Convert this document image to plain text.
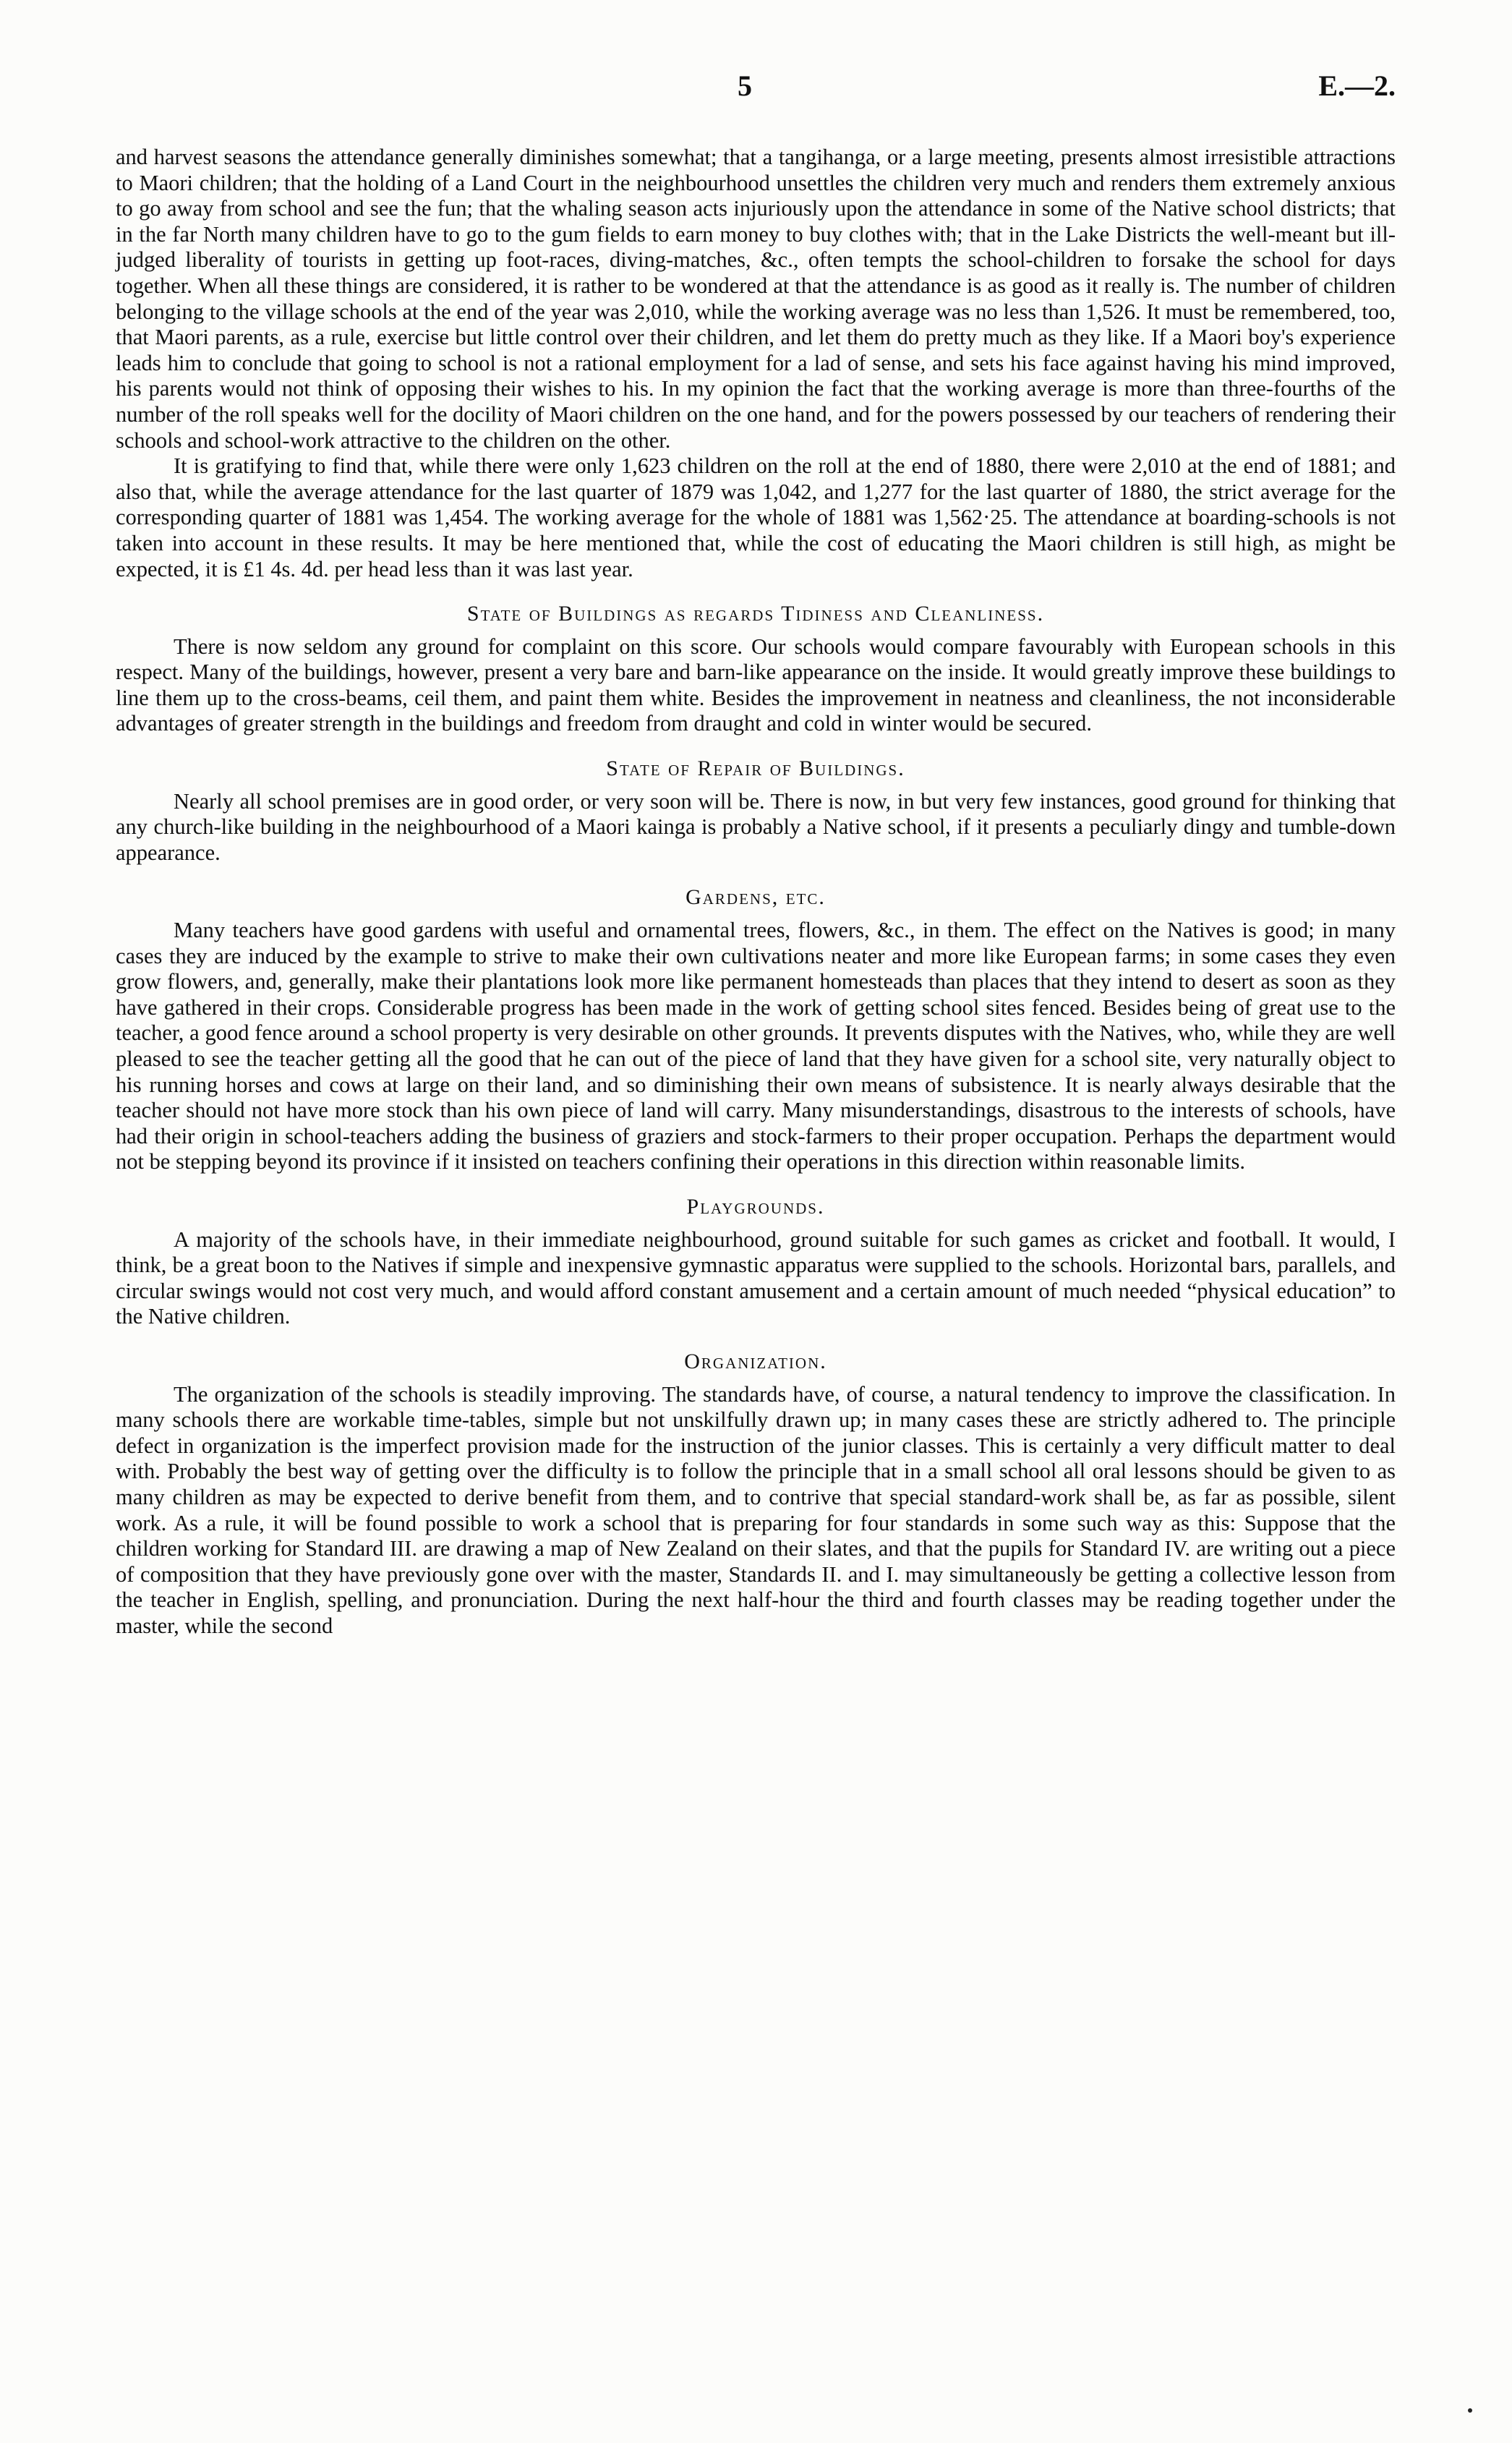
5	E.—2.

and harvest seasons the attendance generally diminishes somewhat; that a tangihanga, or a large meeting, presents almost irresistible attractions to Maori children; that the holding of a Land Court in the neighbourhood unsettles the children very much and renders them extremely anxious to go away from school and see the fun; that the whaling season acts injuriously upon the attendance in some of the Native school districts; that in the far North many children have to go to the gum fields to earn money to buy clothes with; that in the Lake Districts the well-meant but ill-judged liberality of tourists in getting up foot-races, diving-matches, &c., often tempts the school-children to forsake the school for days together. When all these things are considered, it is rather to be wondered at that the attendance is as good as it really is. The number of children belonging to the village schools at the end of the year was 2,010, while the working average was no less than 1,526. It must be remembered, too, that Maori parents, as a rule, exercise but little control over their children, and let them do pretty much as they like. If a Maori boy's experience leads him to conclude that going to school is not a rational employment for a lad of sense, and sets his face against having his mind improved, his parents would not think of opposing their wishes to his. In my opinion the fact that the working average is more than three-fourths of the number of the roll speaks well for the docility of Maori children on the one hand, and for the powers possessed by our teachers of rendering their schools and school-work attractive to the children on the other.

It is gratifying to find that, while there were only 1,623 children on the roll at the end of 1880, there were 2,010 at the end of 1881; and also that, while the average attendance for the last quarter of 1879 was 1,042, and 1,277 for the last quarter of 1880, the strict average for the corresponding quarter of 1881 was 1,454. The working average for the whole of 1881 was 1,562·25. The attendance at boarding-schools is not taken into account in these results. It may be here mentioned that, while the cost of educating the Maori children is still high, as might be expected, it is £1 4s. 4d. per head less than it was last year.

State of Buildings as regards Tidiness and Cleanliness.

There is now seldom any ground for complaint on this score. Our schools would compare favourably with European schools in this respect. Many of the buildings, however, present a very bare and barn-like appearance on the inside. It would greatly improve these buildings to line them up to the cross-beams, ceil them, and paint them white. Besides the improvement in neatness and cleanliness, the not inconsiderable advantages of greater strength in the buildings and freedom from draught and cold in winter would be secured.

State of Repair of Buildings.

Nearly all school premises are in good order, or very soon will be. There is now, in but very few instances, good ground for thinking that any church-like building in the neighbourhood of a Maori kainga is probably a Native school, if it presents a peculiarly dingy and tumble-down appearance.

Gardens, etc.

Many teachers have good gardens with useful and ornamental trees, flowers, &c., in them. The effect on the Natives is good; in many cases they are induced by the example to strive to make their own cultivations neater and more like European farms; in some cases they even grow flowers, and, generally, make their plantations look more like permanent homesteads than places that they intend to desert as soon as they have gathered in their crops. Considerable progress has been made in the work of getting school sites fenced. Besides being of great use to the teacher, a good fence around a school property is very desirable on other grounds. It prevents disputes with the Natives, who, while they are well pleased to see the teacher getting all the good that he can out of the piece of land that they have given for a school site, very naturally object to his running horses and cows at large on their land, and so diminishing their own means of subsistence. It is nearly always desirable that the teacher should not have more stock than his own piece of land will carry. Many misunderstandings, disastrous to the interests of schools, have had their origin in school-teachers adding the business of graziers and stock-farmers to their proper occupation. Perhaps the department would not be stepping beyond its province if it insisted on teachers confining their operations in this direction within reasonable limits.

Playgrounds.

A majority of the schools have, in their immediate neighbourhood, ground suitable for such games as cricket and football. It would, I think, be a great boon to the Natives if simple and inexpensive gymnastic apparatus were supplied to the schools. Horizontal bars, parallels, and circular swings would not cost very much, and would afford constant amusement and a certain amount of much needed “physical education” to the Native children.

Organization.

The organization of the schools is steadily improving. The standards have, of course, a natural tendency to improve the classification. In many schools there are workable time-tables, simple but not unskilfully drawn up; in many cases these are strictly adhered to. The principle defect in organization is the imperfect provision made for the instruction of the junior classes. This is certainly a very difficult matter to deal with. Probably the best way of getting over the difficulty is to follow the principle that in a small school all oral lessons should be given to as many children as may be expected to derive benefit from them, and to contrive that special standard-work shall be, as far as possible, silent work. As a rule, it will be found possible to work a school that is preparing for four standards in some such way as this: Suppose that the children working for Standard III. are drawing a map of New Zealand on their slates, and that the pupils for Standard IV. are writing out a piece of composition that they have previously gone over with the master, Standards II. and I. may simultaneously be getting a collective lesson from the teacher in English, spelling, and pronunciation. During the next half-hour the third and fourth classes may be reading together under the master, while the second
